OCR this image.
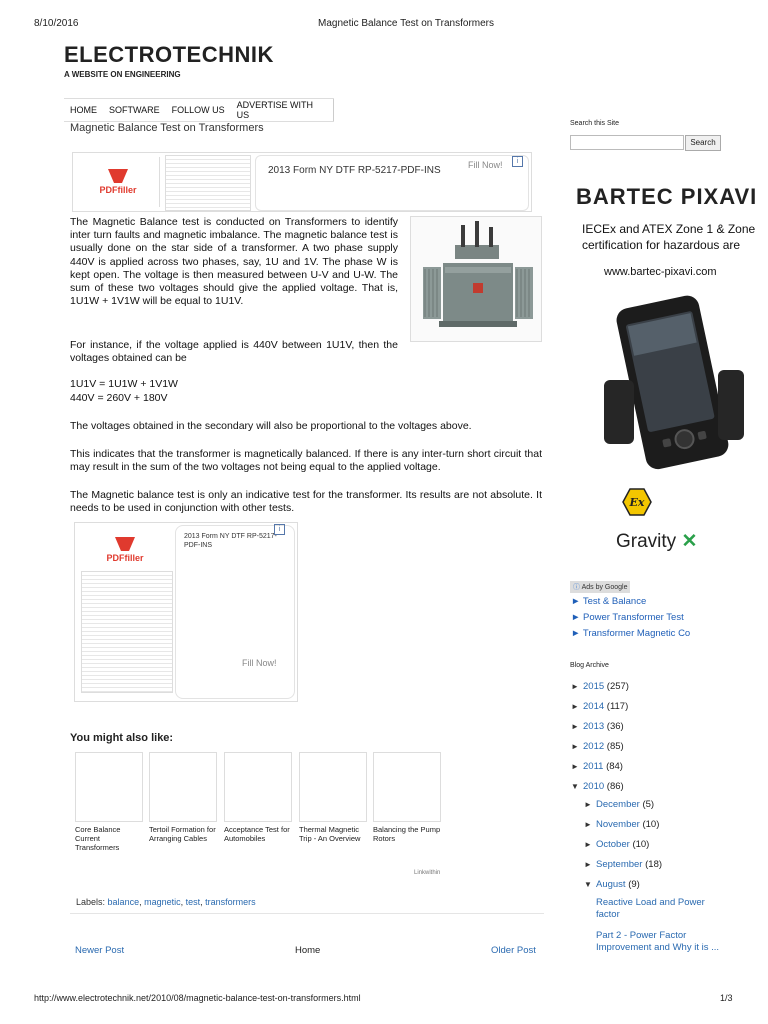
8/10/2016	Magnetic Balance Test on Transformers
ELECTROTECHNIK
A WEBSITE ON ENGINEERING
HOME	SOFTWARE	FOLLOW US	ADVERTISE WITH US
Magnetic Balance Test on Transformers
PDFfiller
2013 Form NY DTF RP-5217-PDF-INS	Fill Now!	i
The Magnetic Balance test is conducted on Transformers to identify inter turn faults and magnetic imbalance. The magnetic balance test is usually done on the star side of a transformer. A two phase supply 440V is applied across two phases, say, 1U and 1V. The phase W is kept open. The voltage is then measured between U-V and U-W. The sum of these two voltages should give the applied voltage. That is, 1U1W + 1V1W will be equal to 1U1V.
For instance, if the voltage applied is 440V between 1U1V, then the voltages obtained can be
1U1V = 1U1W + 1V1W
440V = 260V + 180V
The voltages obtained in the secondary will also be proportional to the voltages above.
This indicates that the transformer is magnetically balanced. If there is any inter-turn short circuit that may result in the sum of the two voltages not being equal to the applied voltage.
The Magnetic balance test is only an indicative test for the transformer. Its results are not absolute. It needs to be used in conjunction with other tests.
PDFfiller
2013 Form NY DTF RP-5217-PDF-INS
Fill Now!
i
You might also like:
Core Balance Current Transformers
Tertoil Formation for Arranging Cables
Acceptance Test for Automobiles
Thermal Magnetic Trip - An Overview
Balancing the Pump Rotors
Linkwithin
Labels: balance, magnetic, test, transformers
Newer Post	Home	Older Post
Search this Site
Search
BARTEC PIXAVI
IECEx and ATEX Zone 1 & Zone
certification for hazardous are
www.bartec-pixavi.com
Ex
Gravity ✕
ⓘ Ads by Google
► Test & Balance
► Power Transformer Test
► Transformer Magnetic Co
Blog Archive
► 2015 (257)
► 2014 (117)
► 2013 (36)
► 2012 (85)
► 2011 (84)
▼ 2010 (86)
► December (5)
► November (10)
► October (10)
► September (18)
▼ August (9)
Reactive Load and Power factor
Part 2 - Power Factor Improvement and Why it is ...
http://www.electrotechnik.net/2010/08/magnetic-balance-test-on-transformers.html	1/3
